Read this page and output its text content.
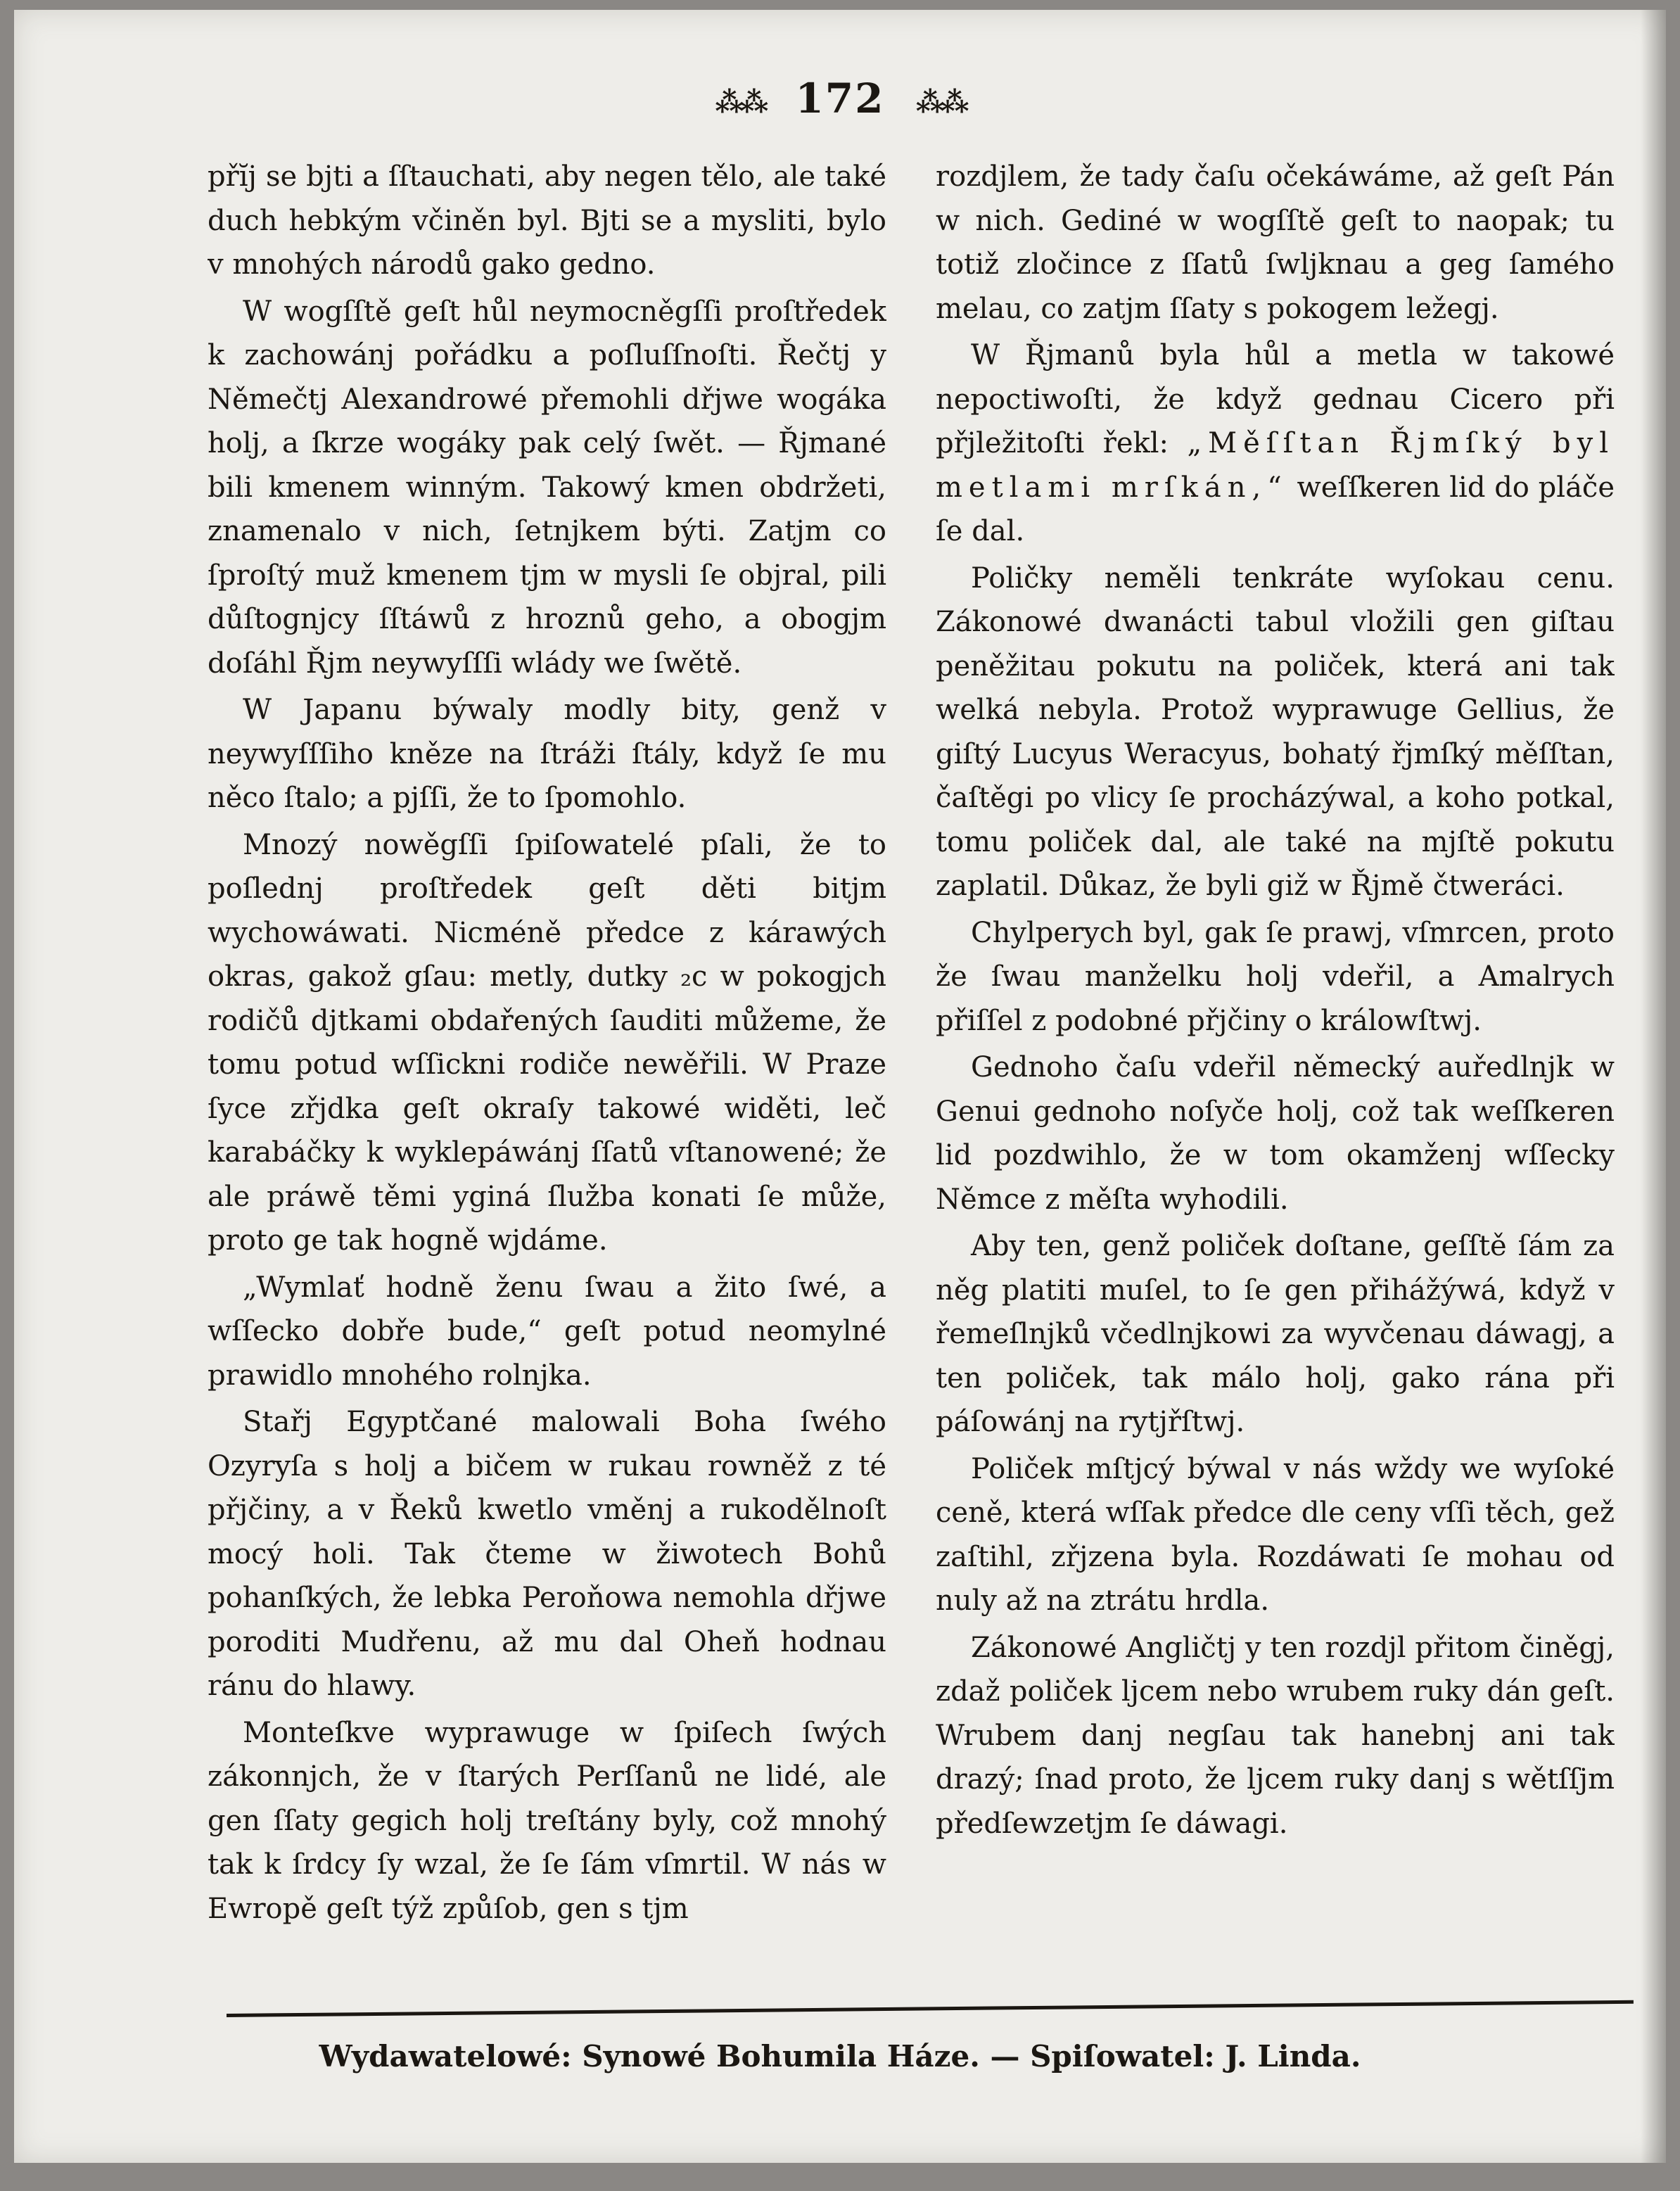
⁂⁂ 172 ⁂⁂

přĭj se bjti a ſſtauchati, aby negen tělo, ale také duch hebkým včiněn byl. Bjti se a mysliti, bylo v mnohých národů gako gedno.

W wogſſtě geſt hůl neymocněgſſi proſtředek k zachowánj pořádku a poſluſſnoſti. Řečtj y Němečtj Alexandrowé přemohli dřjwe wogáka holj, a ſkrze wogáky pak celý ſwět. — Řjmané bili kmenem winným. Takowý kmen obdržeti, znamenalo v nich, ſetnjkem býti. Zatjm co ſproſtý muž kmenem tjm w mysli ſe objral, pili důſtognjcy ſſtáwů z hroznů geho, a obogjm doſáhl Řjm neywyſſſi wlády we ſwětě.

W Japanu býwaly modly bity, genž v neywyſſſiho kněze na ſtráži ſtály, když ſe mu něco ſtalo; a pjſſi, že to ſpomohlo.

Mnozý nowěgſſi ſpiſowatelé pſali, že to poſlednj proſtředek geſt děti bitjm wychowáwati. Nicméně předce z kárawých okras, gakož gſau: metly, dutky ₂c w pokogjch rodičů djtkami obdařených ſauditi můžeme, že tomu potud wſſickni rodiče newěřili. W Praze ſyce zřjdka geſt okraſy takowé widěti, leč karabáčky k wyklepáwánj ſſatů vſtanowené; že ale práwě těmi yginá ſlužba konati ſe může, proto ge tak hogně wjdáme.

„Wymlať hodně ženu ſwau a žito ſwé, a wſſecko dobře bude,“ geſt potud neomylné prawidlo mnohého rolnjka.

Stařj Egyptčané malowali Boha ſwého Ozyryſa s holj a bičem w rukau rowněž z té přjčiny, a v Řeků kwetlo vměnj a rukodělnoſt mocý holi. Tak čteme w žiwotech Bohů pohanſkých, že lebka Peroňowa nemohla dřjwe poroditi Mudřenu, až mu dal Oheň hodnau ránu do hlawy.

Monteſkve wyprawuge w ſpiſech ſwých zákonnjch, že v ſtarých Perſſanů ne lidé, ale gen ſſaty gegich holj treſtány byly, což mnohý tak k ſrdcy ſy wzal, že ſe ſám vſmrtil. W nás w Ewropě geſt týž způſob, gen s tjm

rozdjlem, že tady čaſu očekáwáme, až geſt Pán w nich. Gediné w wogſſtě geſt to naopak; tu totiž zločince z ſſatů ſwljknau a geg ſamého melau, co zatjm ſſaty s pokogem ležegj.

W Řjmanů byla hůl a metla w takowé nepoctiwoſti, že když gednau Cicero při přjležitoſti řekl: „Měſſtan Řjmſký byl metlami mrſkán,“ weſſkeren lid do pláče ſe dal.

Poličky neměli tenkráte wyſokau cenu. Zákonowé dwanácti tabul vložili gen giſtau peněžitau pokutu na poliček, která ani tak welká nebyla. Protož wyprawuge Gellius, že giſtý Lucyus Weracyus, bohatý řjmſký měſſtan, čaſtěgi po vlicy ſe procházýwal, a koho potkal, tomu poliček dal, ale také na mjſtě pokutu zaplatil. Důkaz, že byli giž w Řjmě čtweráci.

Chylperych byl, gak ſe prawj, vſmrcen, proto že ſwau manželku holj vdeřil, a Amalrych přiſſel z podobné přjčiny o králowſtwj.

Gednoho čaſu vdeřil německý auředlnjk w Genui gednoho noſyče holj, což tak weſſkeren lid pozdwihlo, že w tom okamženj wſſecky Němce z měſta wyhodili.

Aby ten, genž poliček doſtane, geſſtě ſám za něg platiti muſel, to ſe gen přihážýwá, když v řemeſlnjků včedlnjkowi za wyvčenau dáwagj, a ten poliček, tak málo holj, gako rána při páſowánj na rytjřſtwj.

Poliček mſtjcý býwal v nás wždy we wyſoké ceně, která wſſak předce dle ceny vſſi těch, gež zaſtihl, zřjzena byla. Rozdáwati ſe mohau od nuly až na ztrátu hrdla.

Zákonowé Angličtj y ten rozdjl přitom činěgj, zdaž poliček ljcem nebo wrubem ruky dán geſt. Wrubem danj negſau tak hanebnj ani tak drazý; ſnad proto, že ljcem ruky danj s wětſſjm předſewzetjm ſe dáwagi.

Wydawatelowé: Synowé Bohumila Háze. — Spiſowatel: J. Linda.
